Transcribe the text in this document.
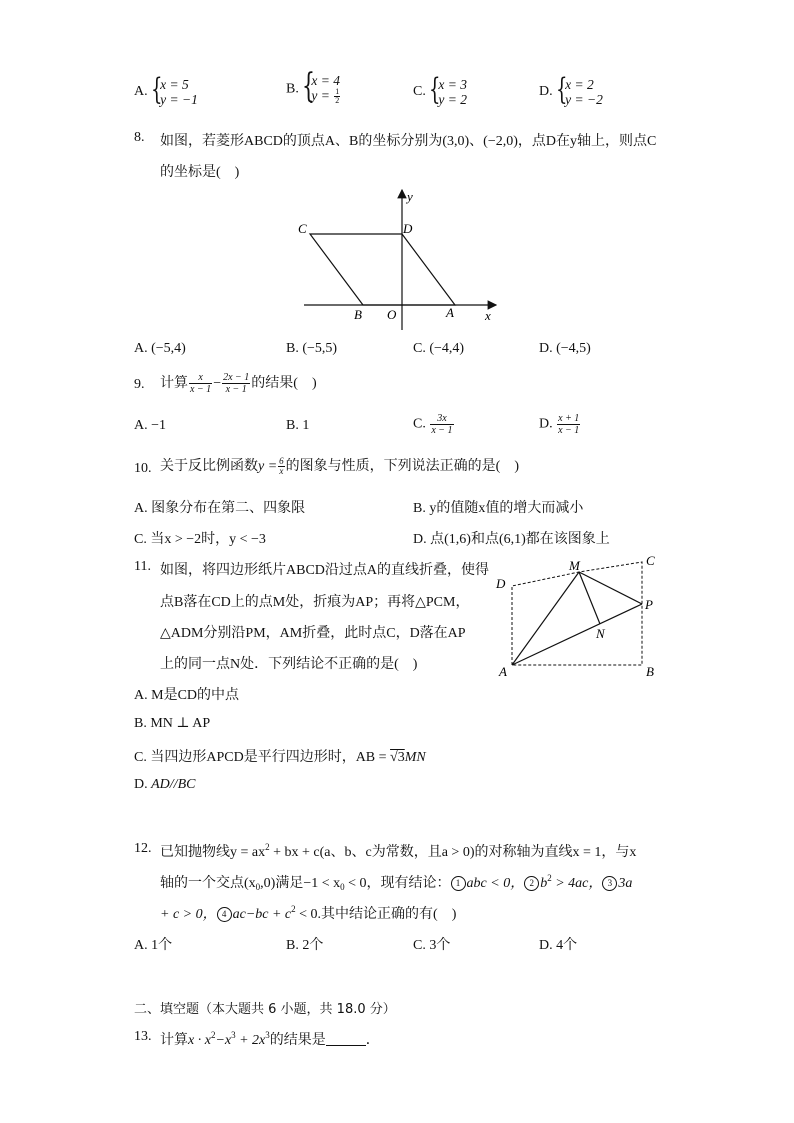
A. {
x = 5
y = −1
B. {
x = 4
$y = \frac{1}{2}$	C. {
x = 3
y = 2
D. {
x = 2
y = −2
8. 如图，若菱形ABCD的顶点A、B的坐标分别为(3,0)、(−2,0)，点D在y轴上，则点C
的坐标是(　)
y
x
C	D
B O	A
A. (−5,4)	B. (−5,5)	C. (−4,4)	D. (−4,5)
9. 计算 $\frac{x}{x - 1} - \frac{2x - 1}{x - 1}$ 的结果(　)
A. −1	B. 1	C. $\frac{3x}{x - 1}$	D. $\frac{x + 1}{x - 1}$
10. 关于反比例函数$y = \frac{6}{x}$ 的图象与性质，下列说法正确的是(　)
A. 图象分布在第二、四象限	B. y的值随x值的增大而减小
C. 当x > −2时，y < −3	D. 点(1,6)和点(6,1)都在该图象上
11. 如图，将四边形纸片ABCD沿过点A的直线折叠，使得
点B落在CD上的点M处，折痕为AP；再将△PCM，
△ADM分别沿PM，AM折叠，此时点C，D落在AP
上的同一点N处．下列结论不正确的是(　)
M	C
D
P
N
A	B
A. M是CD的中点
B. MN ⊥ AP
C. 当四边形APCD是平行四边形时，AB = √3MN
D. AD//BC
12. 已知抛物线$y = ax^2$ + bx + c(a、b、c为常数，且a > 0)的对称轴为直线x = 1，与x
轴的一个交点$(x_0,0)$满足$-1 < x_0 < 0$，现有结论： 1 abc < 0， 2 $b^2 > 4ac$， 3 3a
+ c > 0， 4 $ac-bc + c^2 < 0$.其中结论正确的有(　)
A. 1个	B. 2个	C. 3个	D. 4个
二、填空题（本大题共 6 小题，共 18.0 分）
13. 计算$x \cdot x^2-x^3 + 2x^3$的结果是	．
